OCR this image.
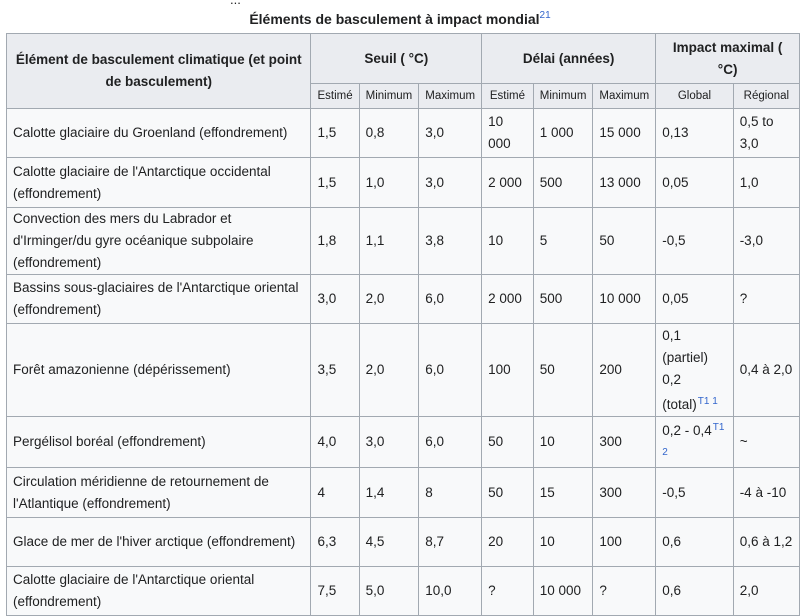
Éléments de basculement à impact mondial$^{21}$
Élément de basculement climatique (et point de basculement)	Seuil ( °C)			Délai (années)			Impact maximal ( °C)	
	Estimé	Minimum	Maximum	Estimé	Minimum	Maximum	Global	Régional
Calotte glaciaire du Groenland (effondrement)	1,5	0,8	3,0	10 000	1 000	15 000	0,13	0,5 to 3,0
Calotte glaciaire de l'Antarctique occidental (effondrement)	1,5	1,0	3,0	2 000	500	13 000	0,05	1,0
Convection des mers du Labrador et d'Irminger/du gyre océanique subpolaire (effondrement)	1,8	1,1	3,8	10	5	50	-0,5	-3,0
Bassins sous-glaciaires de l'Antarctique oriental (effondrement)	3,0	2,0	6,0	2 000	500	10 000	0,05	?
Forêt amazonienne (dépérissement)	3,5	2,0	6,0	100	50	200	0,1 (partiel) 0,2 (total)$^{T1 1}$	0,4 à 2,0
Pergélisol boréal (effondrement)	4,0	3,0	6,0	50	10	300	0,2 - 0,4$^{T1 2}$	~
Circulation méridienne de retournement de l'Atlantique (effondrement)	4	1,4	8	50	15	300	-0,5	-4 à -10
Glace de mer de l'hiver arctique (effondrement)	6,3	4,5	8,7	20	10	100	0,6	0,6 à 1,2
Calotte glaciaire de l'Antarctique oriental (effondrement)	7,5	5,0	10,0	?	10 000	?	0,6	2,0
